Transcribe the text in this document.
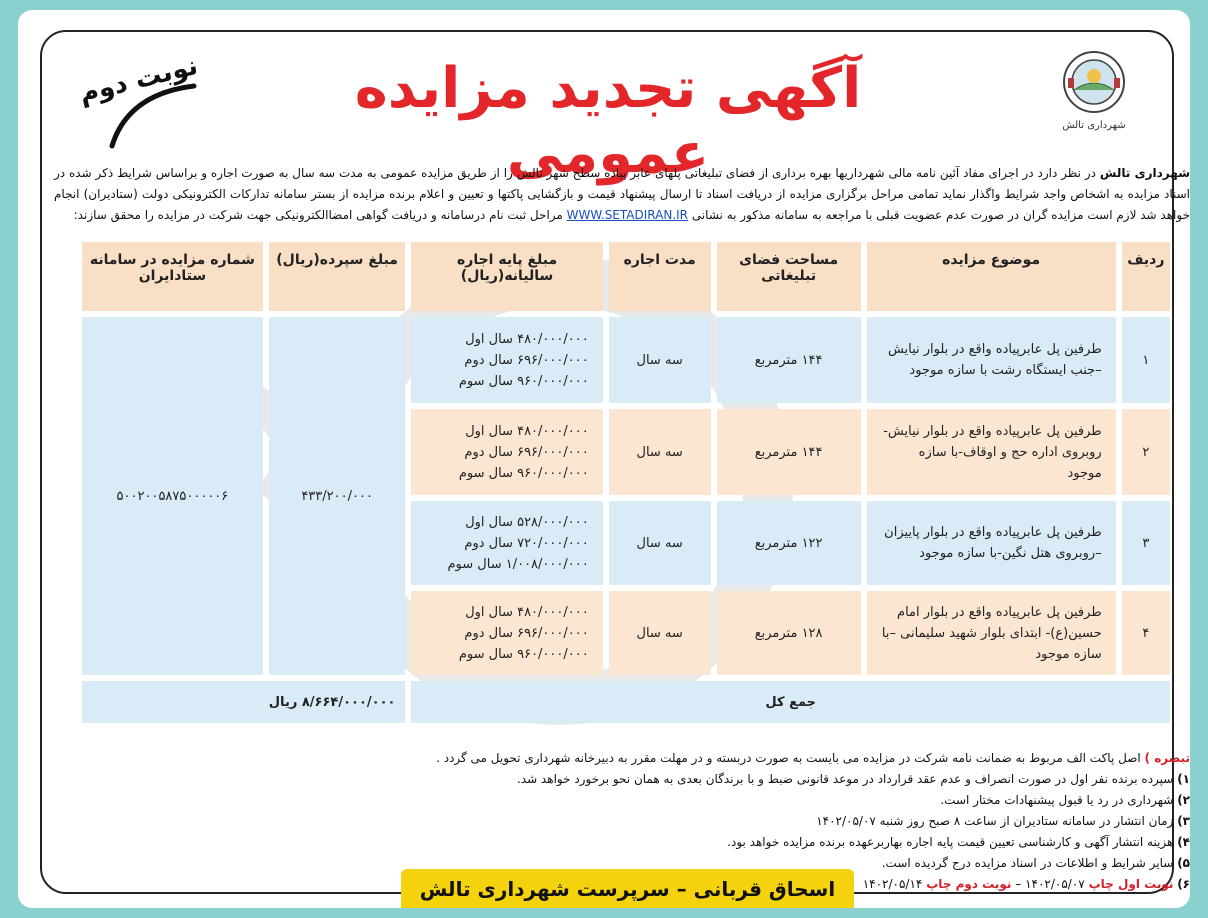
شهرداری تالش
آگهی تجدید مزایده عمومی
نوبت دوم
شهرداری تالش در نظر دارد در اجرای مفاد آئین نامه مالی شهرداریها بهره برداری از فضای تبلیغاتی پلهای عابر پیاده سطح شهر تالش را از طریق مزایده عمومی به مدت سه سال به صورت اجاره و براساس شرایط ذکر شده در اسناد مزایده به اشخاص واجد شرایط واگذار نماید تمامی مراحل برگزاری مزایده از دریافت اسناد تا ارسال پیشنهاد قیمت و بازگشایی پاکتها و تعیین و اعلام برنده مزایده از بستر سامانه تدارکات الکترونیکی دولت (ستادیران) انجام خواهد شد لازم است مزایده گران در صورت عدم عضویت قبلی با مراجعه به سامانه مذکور به نشانی WWW.SETADIRAN.IR مراحل ثبت نام درسامانه و دریافت گواهی امضاالکترونیکی جهت شرکت در مزایده را محقق سازند:
ردیف	موضوع مزایده	مساحت فضای تبلیغاتی	مدت اجاره	مبلغ پایه اجاره سالیانه(ریال)	مبلغ سپرده(ریال)	شماره مزایده در سامانه ستادایران
۱	طرفین پل عابرپیاده واقع در بلوار نیایش –جنب ایستگاه رشت با سازه موجود	۱۴۴ مترمربع	سه سال	۴۸۰/۰۰۰/۰۰۰ سال اول
۶۹۶/۰۰۰/۰۰۰ سال دوم
۹۶۰/۰۰۰/۰۰۰ سال سوم	۴۳۳/۲۰۰/۰۰۰	۵۰۰۲۰۰۵۸۷۵۰۰۰۰۰۶
۲	طرفین پل عابرپیاده واقع در بلوار نیایش- روبروی اداره حج و اوقاف-با سازه موجود	۱۴۴ مترمربع	سه سال	۴۸۰/۰۰۰/۰۰۰ سال اول
۶۹۶/۰۰۰/۰۰۰ سال دوم
۹۶۰/۰۰۰/۰۰۰ سال سوم		

۳	طرفین پل عابرپیاده واقع در بلوار پاییزان –روبروی هتل نگین-با سازه موجود	۱۲۲ مترمربع	سه سال	۵۲۸/۰۰۰/۰۰۰ سال اول
۷۲۰/۰۰۰/۰۰۰ سال دوم
۱/۰۰۸/۰۰۰/۰۰۰ سال سوم		

۴	طرفین پل عابرپیاده واقع در بلوار امام حسین(ع)- ابتدای بلوار شهید سلیمانی –با سازه موجود	۱۲۸ مترمربع	سه سال	۴۸۰/۰۰۰/۰۰۰ سال اول
۶۹۶/۰۰۰/۰۰۰ سال دوم
۹۶۰/۰۰۰/۰۰۰ سال سوم		

جمع کل					۸/۶۶۴/۰۰۰/۰۰۰ ریال	
تبصره ) اصل پاکت الف مربوط به ضمانت نامه شرکت در مزایده می بایست به صورت دربسته و در مهلت مقرر به دبیرخانه شهرداری تحویل می گردد .
۱) سپرده برنده نفر اول در صورت انصراف و عدم عقد قرارداد در موعد قانونی ضبط و با برندگان بعدی به همان نحو برخورد خواهد شد.
۲) شهرداری در رد یا قبول پیشنهادات مختار است.
۳) زمان انتشار در سامانه ستادیران از ساعت ۸ صبح روز شنبه ۱۴۰۲/۰۵/۰۷
۴) هزینه انتشار آگهی و کارشناسی تعیین قیمت پایه اجاره بهاربرعهده برنده مزایده خواهد بود.
۵) سایر شرایط و اطلاعات در اسناد مزایده درج گردیده است.
۶) نوبت اول چاپ ۱۴۰۲/۰۵/۰۷ – نوبت دوم چاپ ۱۴۰۲/۰۵/۱۴
اسحاق قربانی – سرپرست شهرداری تالش
